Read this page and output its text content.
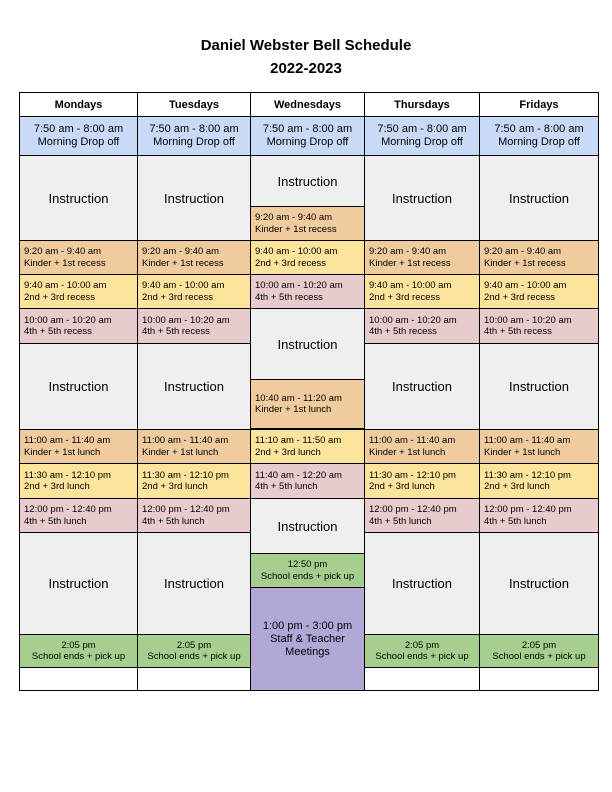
Daniel Webster Bell Schedule
2022-2023
Mondays
7:50 am - 8:00 am
Morning Drop off
Instruction
9:20 am - 9:40 am
Kinder + 1st recess
9:40 am - 10:00 am
2nd + 3rd recess
10:00 am - 10:20 am
4th + 5th recess
Instruction
11:00 am - 11:40 am
Kinder + 1st lunch
11:30 am - 12:10 pm
2nd + 3rd lunch
12:00 pm - 12:40 pm
4th + 5th lunch
Instruction
2:05 pm
School ends + pick up
Tuesdays
7:50 am - 8:00 am
Morning Drop off
Instruction
9:20 am - 9:40 am
Kinder + 1st recess
9:40 am - 10:00 am
2nd + 3rd recess
10:00 am - 10:20 am
4th + 5th recess
Instruction
11:00 am - 11:40 am
Kinder + 1st lunch
11:30 am - 12:10 pm
2nd + 3rd lunch
12:00 pm - 12:40 pm
4th + 5th lunch
Instruction
2:05 pm
School ends + pick up
Wednesdays
7:50 am - 8:00 am
Morning Drop off
Instruction
9:20 am - 9:40 am
Kinder + 1st recess
9:40 am - 10:00 am
2nd + 3rd recess
10:00 am - 10:20 am
4th + 5th recess
Instruction
10:40 am - 11:20 am
Kinder + 1st lunch
11:10 am - 11:50 am
2nd + 3rd lunch
11:40 am - 12:20 am
4th + 5th lunch
Instruction
12:50 pm
School ends + pick up
1:00 pm - 3:00 pm
Staff & Teacher Meetings
Thursdays
7:50 am - 8:00 am
Morning Drop off
Instruction
9:20 am - 9:40 am
Kinder + 1st recess
9:40 am - 10:00 am
2nd + 3rd recess
10:00 am - 10:20 am
4th + 5th recess
Instruction
11:00 am - 11:40 am
Kinder + 1st lunch
11:30 am - 12:10 pm
2nd + 3rd lunch
12:00 pm - 12:40 pm
4th + 5th lunch
Instruction
2:05 pm
School ends + pick up
Fridays
7:50 am - 8:00 am
Morning Drop off
Instruction
9:20 am - 9:40 am
Kinder + 1st recess
9:40 am - 10:00 am
2nd + 3rd recess
10:00 am - 10:20 am
4th + 5th recess
Instruction
11:00 am - 11:40 am
Kinder + 1st lunch
11:30 am - 12:10 pm
2nd + 3rd lunch
12:00 pm - 12:40 pm
4th + 5th lunch
Instruction
2:05 pm
School ends + pick up
